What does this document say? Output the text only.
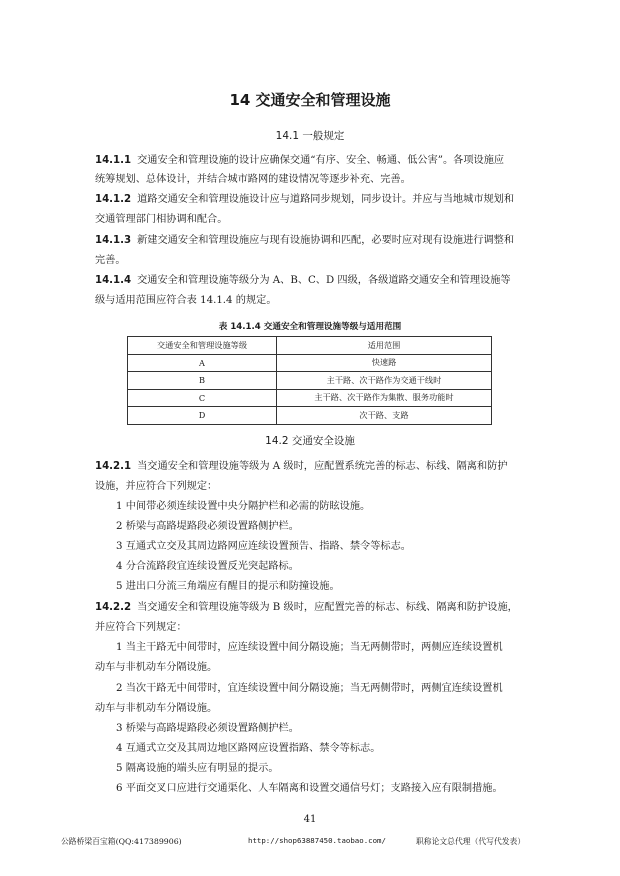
14 交通安全和管理设施
14.1 一般规定
14.1.1 交通安全和管理设施的设计应确保交通“有序、安全、畅通、低公害”。各项设施应
统筹规划、总体设计，并结合城市路网的建设情况等逐步补充、完善。
14.1.2 道路交通安全和管理设施设计应与道路同步规划，同步设计。并应与当地城市规划和
交通管理部门相协调和配合。
14.1.3 新建交通安全和管理设施应与现有设施协调和匹配，必要时应对现有设施进行调整和
完善。
14.1.4 交通安全和管理设施等级分为 A、B、C、D 四级，各级道路交通安全和管理设施等
级与适用范围应符合表 14.1.4 的规定。
表 14.1.4 交通安全和管理设施等级与适用范围
交通安全和管理设施等级	适用范围
A	快速路
B	主干路、次干路作为交通干线时
C	主干路、次干路作为集散、服务功能时
D	次干路、支路
14.2 交通安全设施
14.2.1 当交通安全和管理设施等级为 A 级时，应配置系统完善的标志、标线、隔离和防护
设施，并应符合下列规定：
1 中间带必须连续设置中央分隔护栏和必需的防眩设施。
2 桥梁与高路堤路段必须设置路侧护栏。
3 互通式立交及其周边路网应连续设置预告、指路、禁令等标志。
4 分合流路段宜连续设置反光突起路标。
5 进出口分流三角端应有醒目的提示和防撞设施。
14.2.2 当交通安全和管理设施等级为 B 级时，应配置完善的标志、标线、隔离和防护设施，
并应符合下列规定：
1 当主干路无中间带时，应连续设置中间分隔设施；当无两侧带时，两侧应连续设置机
动车与非机动车分隔设施。
2 当次干路无中间带时，宜连续设置中间分隔设施；当无两侧带时，两侧宜连续设置机
动车与非机动车分隔设施。
3 桥梁与高路堤路段必须设置路侧护栏。
4 互通式立交及其周边地区路网应设置指路、禁令等标志。
5 隔离设施的端头应有明显的提示。
6 平面交叉口应进行交通渠化、人车隔离和设置交通信号灯；支路接入应有限制措施。
41
公路桥梁百宝箱(QQ:417389906)	http://shop63887450.taobao.com/	职称论文总代理（代写代发表）
